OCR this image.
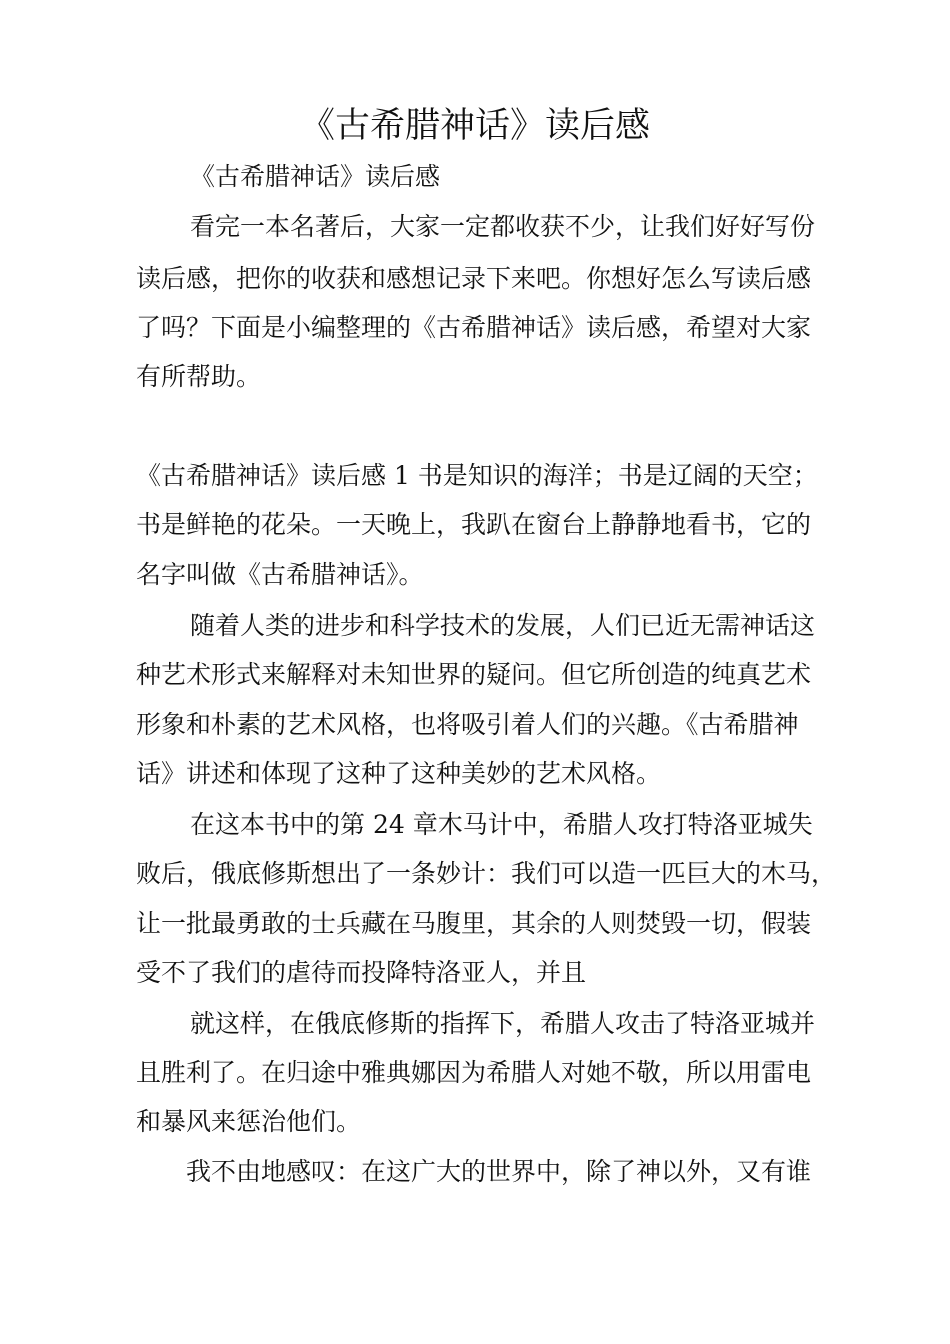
《古希腊神话》读后感
《古希腊神话》读后感
看完一本名著后，大家一定都收获不少，让我们好好写份
读后感，把你的收获和感想记录下来吧。你想好怎么写读后感
了吗？下面是小编整理的《古希腊神话》读后感，希望对大家
有所帮助。
《古希腊神话》读后感 1 书是知识的海洋；书是辽阔的天空；
书是鲜艳的花朵。一天晚上，我趴在窗台上静静地看书，它的
名字叫做《古希腊神话》。
随着人类的进步和科学技术的发展，人们已近无需神话这
种艺术形式来解释对未知世界的疑问。但它所创造的纯真艺术
形象和朴素的艺术风格，也将吸引着人们的兴趣。《古希腊神
话》讲述和体现了这种了这种美妙的艺术风格。
在这本书中的第 24 章木马计中，希腊人攻打特洛亚城失
败后，俄底修斯想出了一条妙计：我们可以造一匹巨大的木马，
让一批最勇敢的士兵藏在马腹里，其余的人则焚毁一切，假装
受不了我们的虐待而投降特洛亚人，并且
就这样，在俄底修斯的指挥下，希腊人攻击了特洛亚城并
且胜利了。在归途中雅典娜因为希腊人对她不敬，所以用雷电
和暴风来惩治他们。
我不由地感叹：在这广大的世界中，除了神以外，又有谁
